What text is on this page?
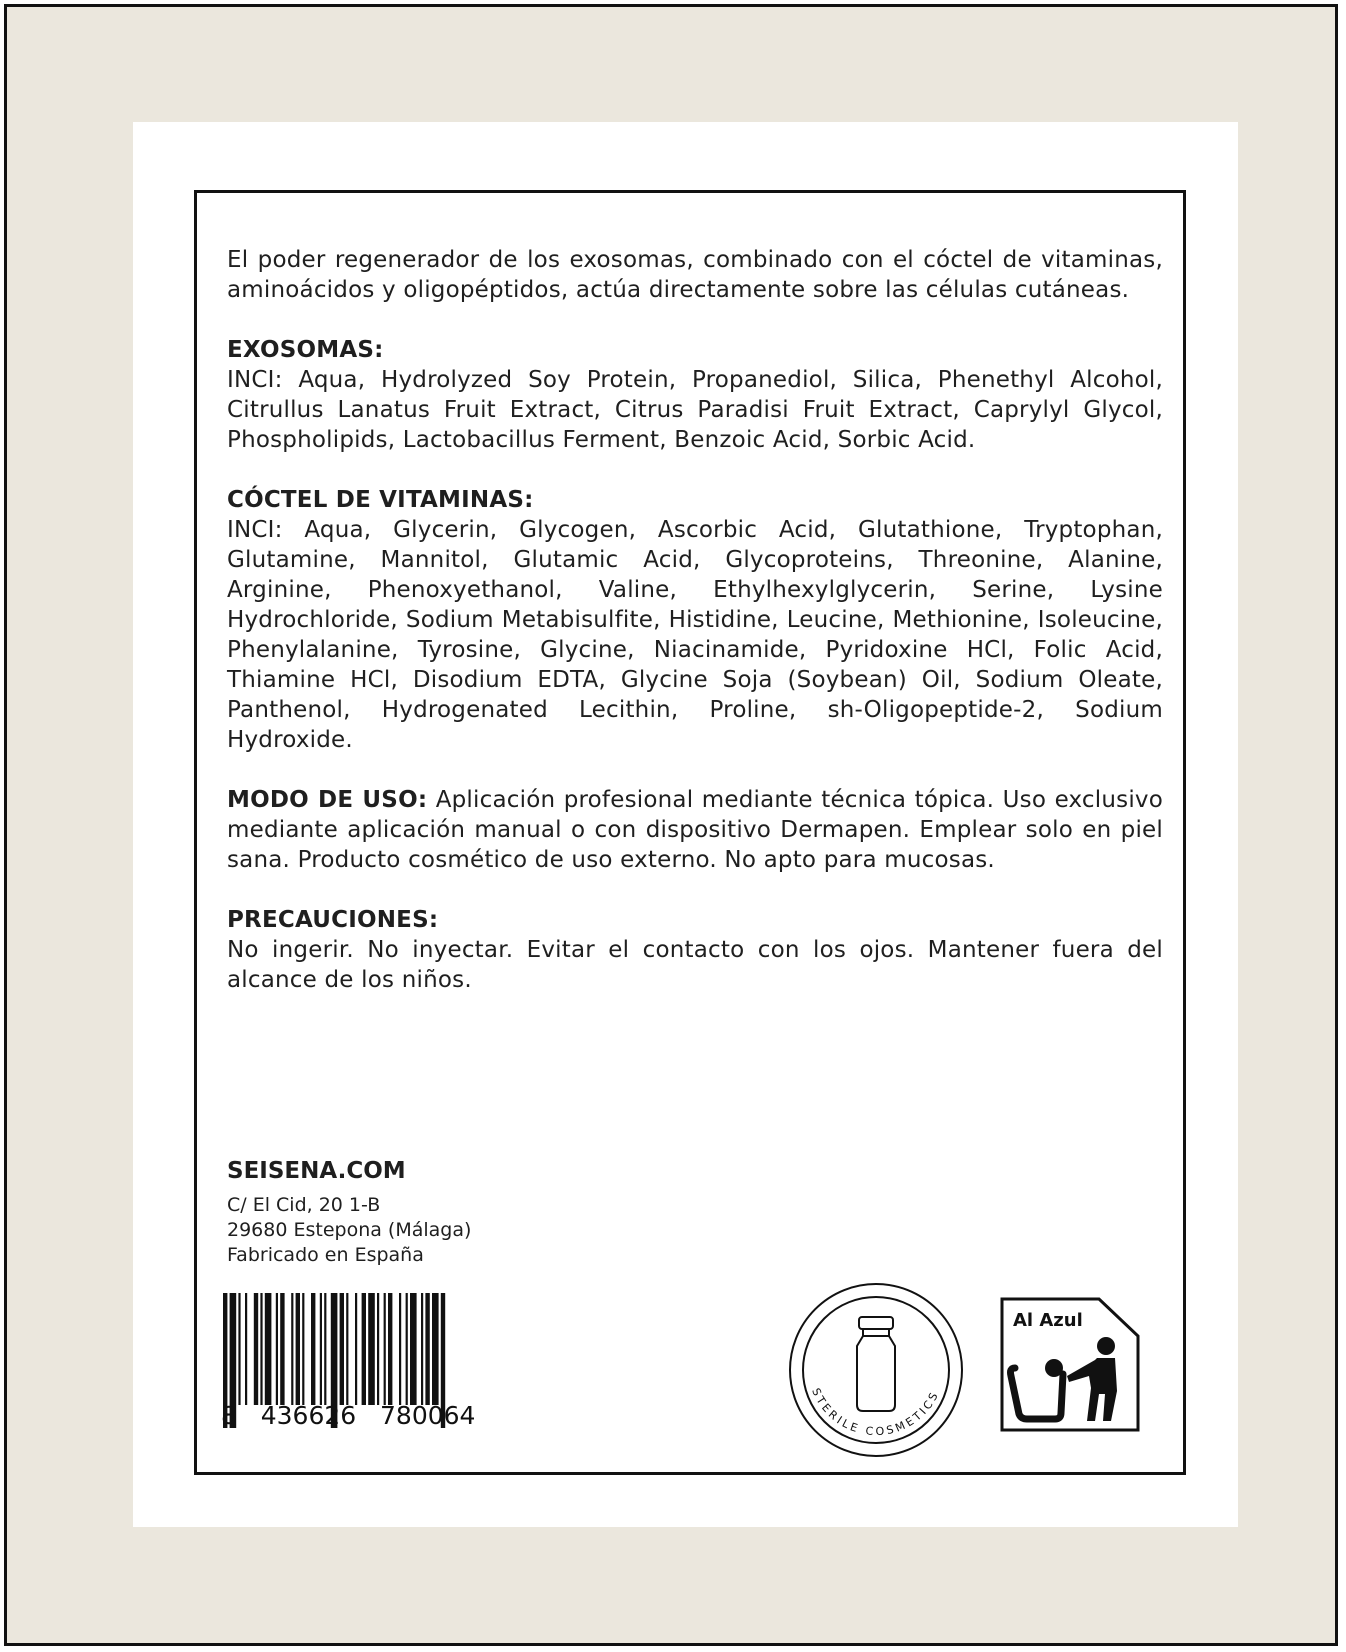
El poder regenerador de los exosomas, combinado con el cóctel de vitaminas, aminoácidos y oligopéptidos, actúa directamente sobre las células cutáneas.

EXOSOMAS:

INCI: Aqua, Hydrolyzed Soy Protein, Propanediol, Silica, Phenethyl Alcohol, Citrullus Lanatus Fruit Extract, Citrus Paradisi Fruit Extract, Caprylyl Glycol, Phospholipids, Lactobacillus Ferment, Benzoic Acid, Sorbic Acid.

CÓCTEL DE VITAMINAS:

INCI: Aqua, Glycerin, Glycogen, Ascorbic Acid, Glutathione, Tryptophan, Glutamine, Mannitol, Glutamic Acid, Glycoproteins, Threonine, Alanine, Arginine, Phenoxyethanol, Valine, Ethylhexylglycerin, Serine, Lysine Hydrochloride, Sodium Metabisulfite, Histidine, Leucine, Methionine, Isoleucine, Phenylalanine, Tyrosine, Glycine, Niacinamide, Pyridoxine HCl, Folic Acid, Thiamine HCl, Disodium EDTA, Glycine Soja (Soybean) Oil, Sodium Oleate, Panthenol, Hydrogenated Lecithin, Proline, sh-Oligopeptide-2, Sodium Hydroxide.

MODO DE USO: Aplicación profesional mediante técnica tópica. Uso exclusivo mediante aplicación manual o con dispositivo Dermapen. Emplear solo en piel sana. Producto cosmético de uso externo. No apto para mucosas.

PRECAUCIONES:

No ingerir. No inyectar. Evitar el contacto con los ojos. Mantener fuera del alcance de los niños.

SEISENA.COM
C/ El Cid, 20 1-B
29680 Estepona (Málaga)
Fabricado en España
8   436626   780064
STERILE COSMETICS
Al Azul
